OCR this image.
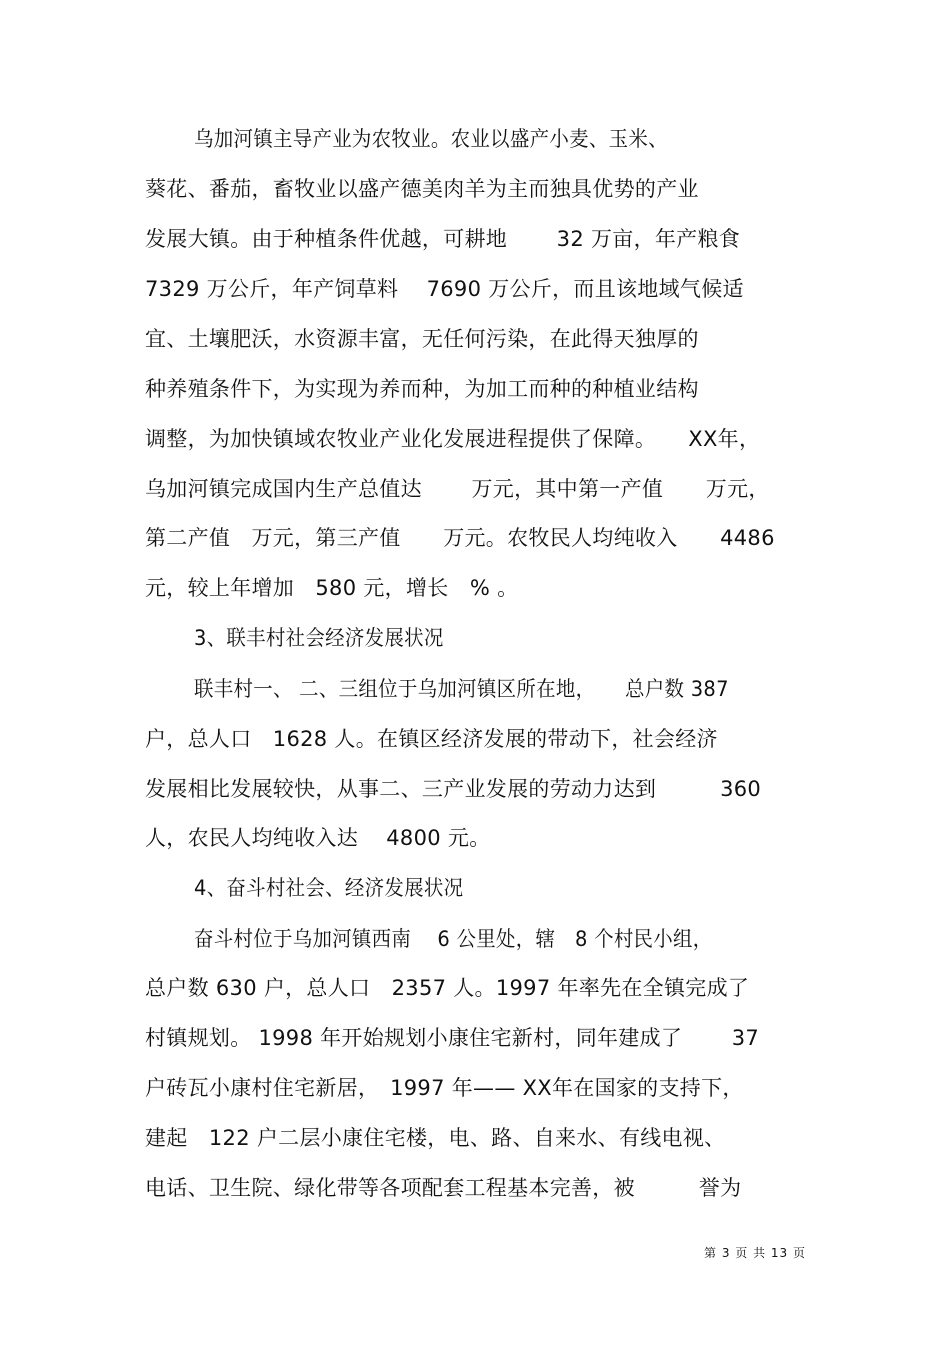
乌加河镇主导产业为农牧业。农业以盛产小麦、玉米、
葵花、番茄，畜牧业以盛产德美肉羊为主而独具优势的产业
发展大镇。由于种植条件优越，可耕地　　 32 万亩，年产粮食
7329 万公斤，年产饲草料　 7690 万公斤，而且该地域气候适
宜、土壤肥沃，水资源丰富，无任何污染，在此得天独厚的
种养殖条件下，为实现为养而种，为加工而种的种植业结构
调整，为加快镇域农牧业产业化发展进程提供了保障。　　XX年，
乌加河镇完成国内生产总值达　　 万元，其中第一产值　　万元，
第二产值　万元，第三产值　　万元。农牧民人均纯收入　　4486
元，较上年增加　580 元，增长　% 。
3、联丰村社会经济发展状况
联丰村一、 二、三组位于乌加河镇区所在地，　　总户数 387
户，总人口　1628 人。在镇区经济发展的带动下，社会经济
发展相比发展较快，从事二、三产业发展的劳动力达到　　　360
人，农民人均纯收入达　 4800 元。
4、奋斗村社会、经济发展状况
奋斗村位于乌加河镇西南　 6 公里处，辖　8 个村民小组，
总户数 630 户，总人口　2357 人。1997 年率先在全镇完成了
村镇规划。 1998 年开始规划小康住宅新村，同年建成了　　 37
户砖瓦小康村住宅新居，　1997 年—— XX年在国家的支持下，
建起　122 户二层小康住宅楼，电、路、自来水、有线电视、
电话、卫生院、绿化带等各项配套工程基本完善，被　　　誉为
第 3 页 共 13 页
